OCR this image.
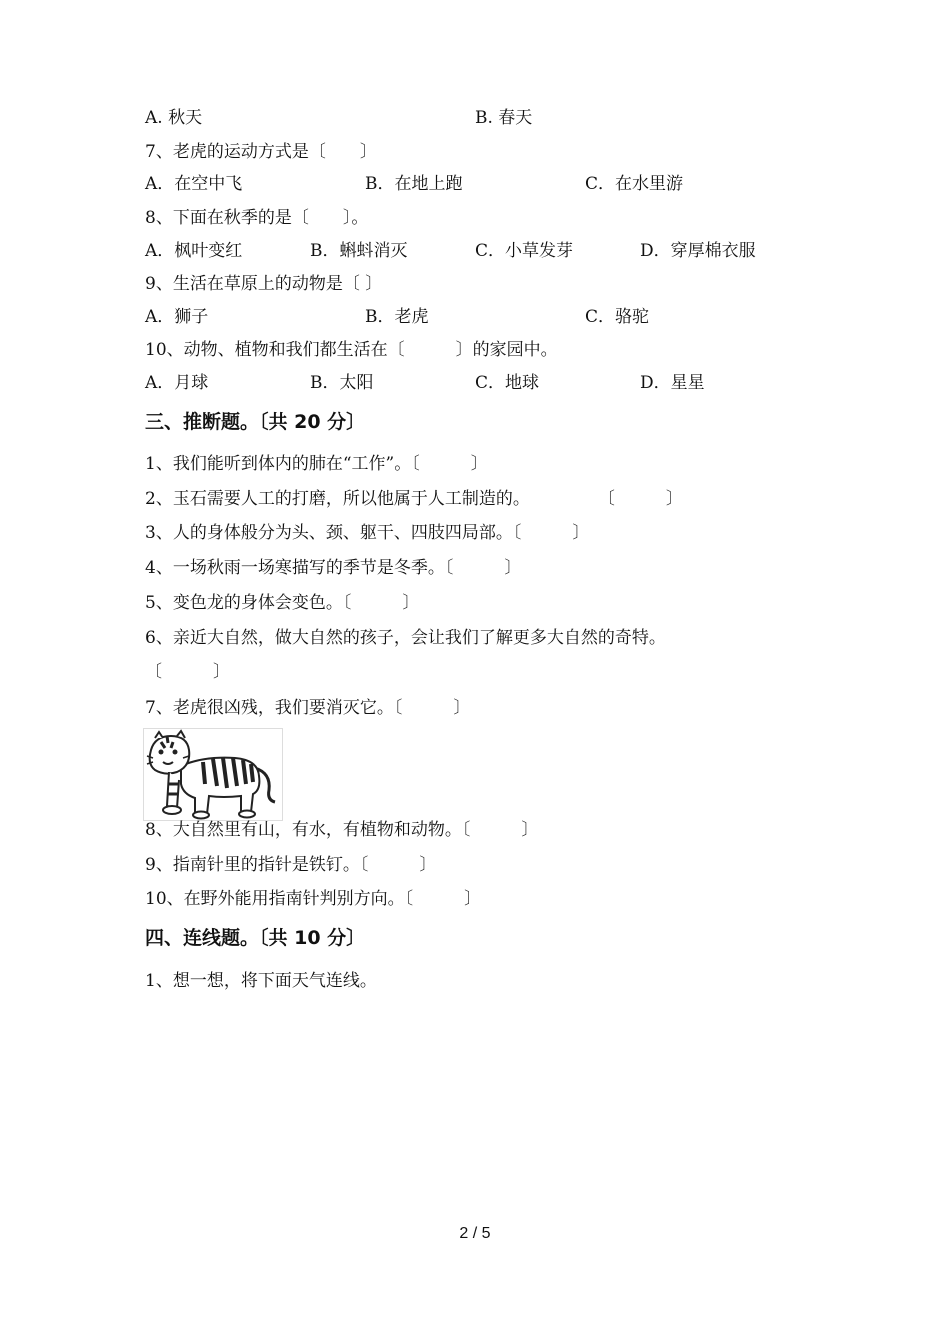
A. 秋天	B. 春天
7、老虎的运动方式是〔　　〕
A．在空中飞	B．在地上跑	C．在水里游
8、下面在秋季的是〔　　〕。
A．枫叶变红	B．蝌蚪消灭	C．小草发芽	D．穿厚棉衣服
9、生活在草原上的动物是〔 〕
A．狮子	B．老虎	C．骆驼
10、动物、植物和我们都生活在〔　　　〕的家园中。
A．月球	B．太阳	C．地球	D．星星
三、推断题。〔共 20 分〕
1、我们能听到体内的肺在“工作”。〔　　　〕
2、玉石需要人工的打磨，所以他属于人工制造的。　　　　　〔　　　〕
3、人的身体般分为头、颈、躯干、四肢四局部。〔　　　〕
4、一场秋雨一场寒描写的季节是冬季。〔　　　〕
5、变色龙的身体会变色。〔　　　〕
6、亲近大自然，做大自然的孩子，会让我们了解更多大自然的奇特。
〔　　　〕
7、老虎很凶残，我们要消灭它。〔　　　〕
8、大自然里有山，有水，有植物和动物。〔　　　〕
9、指南针里的指针是铁钉。〔　　　〕
10、在野外能用指南针判别方向。〔　　　〕
四、连线题。〔共 10 分〕
1、想一想，将下面天气连线。
2 / 5
